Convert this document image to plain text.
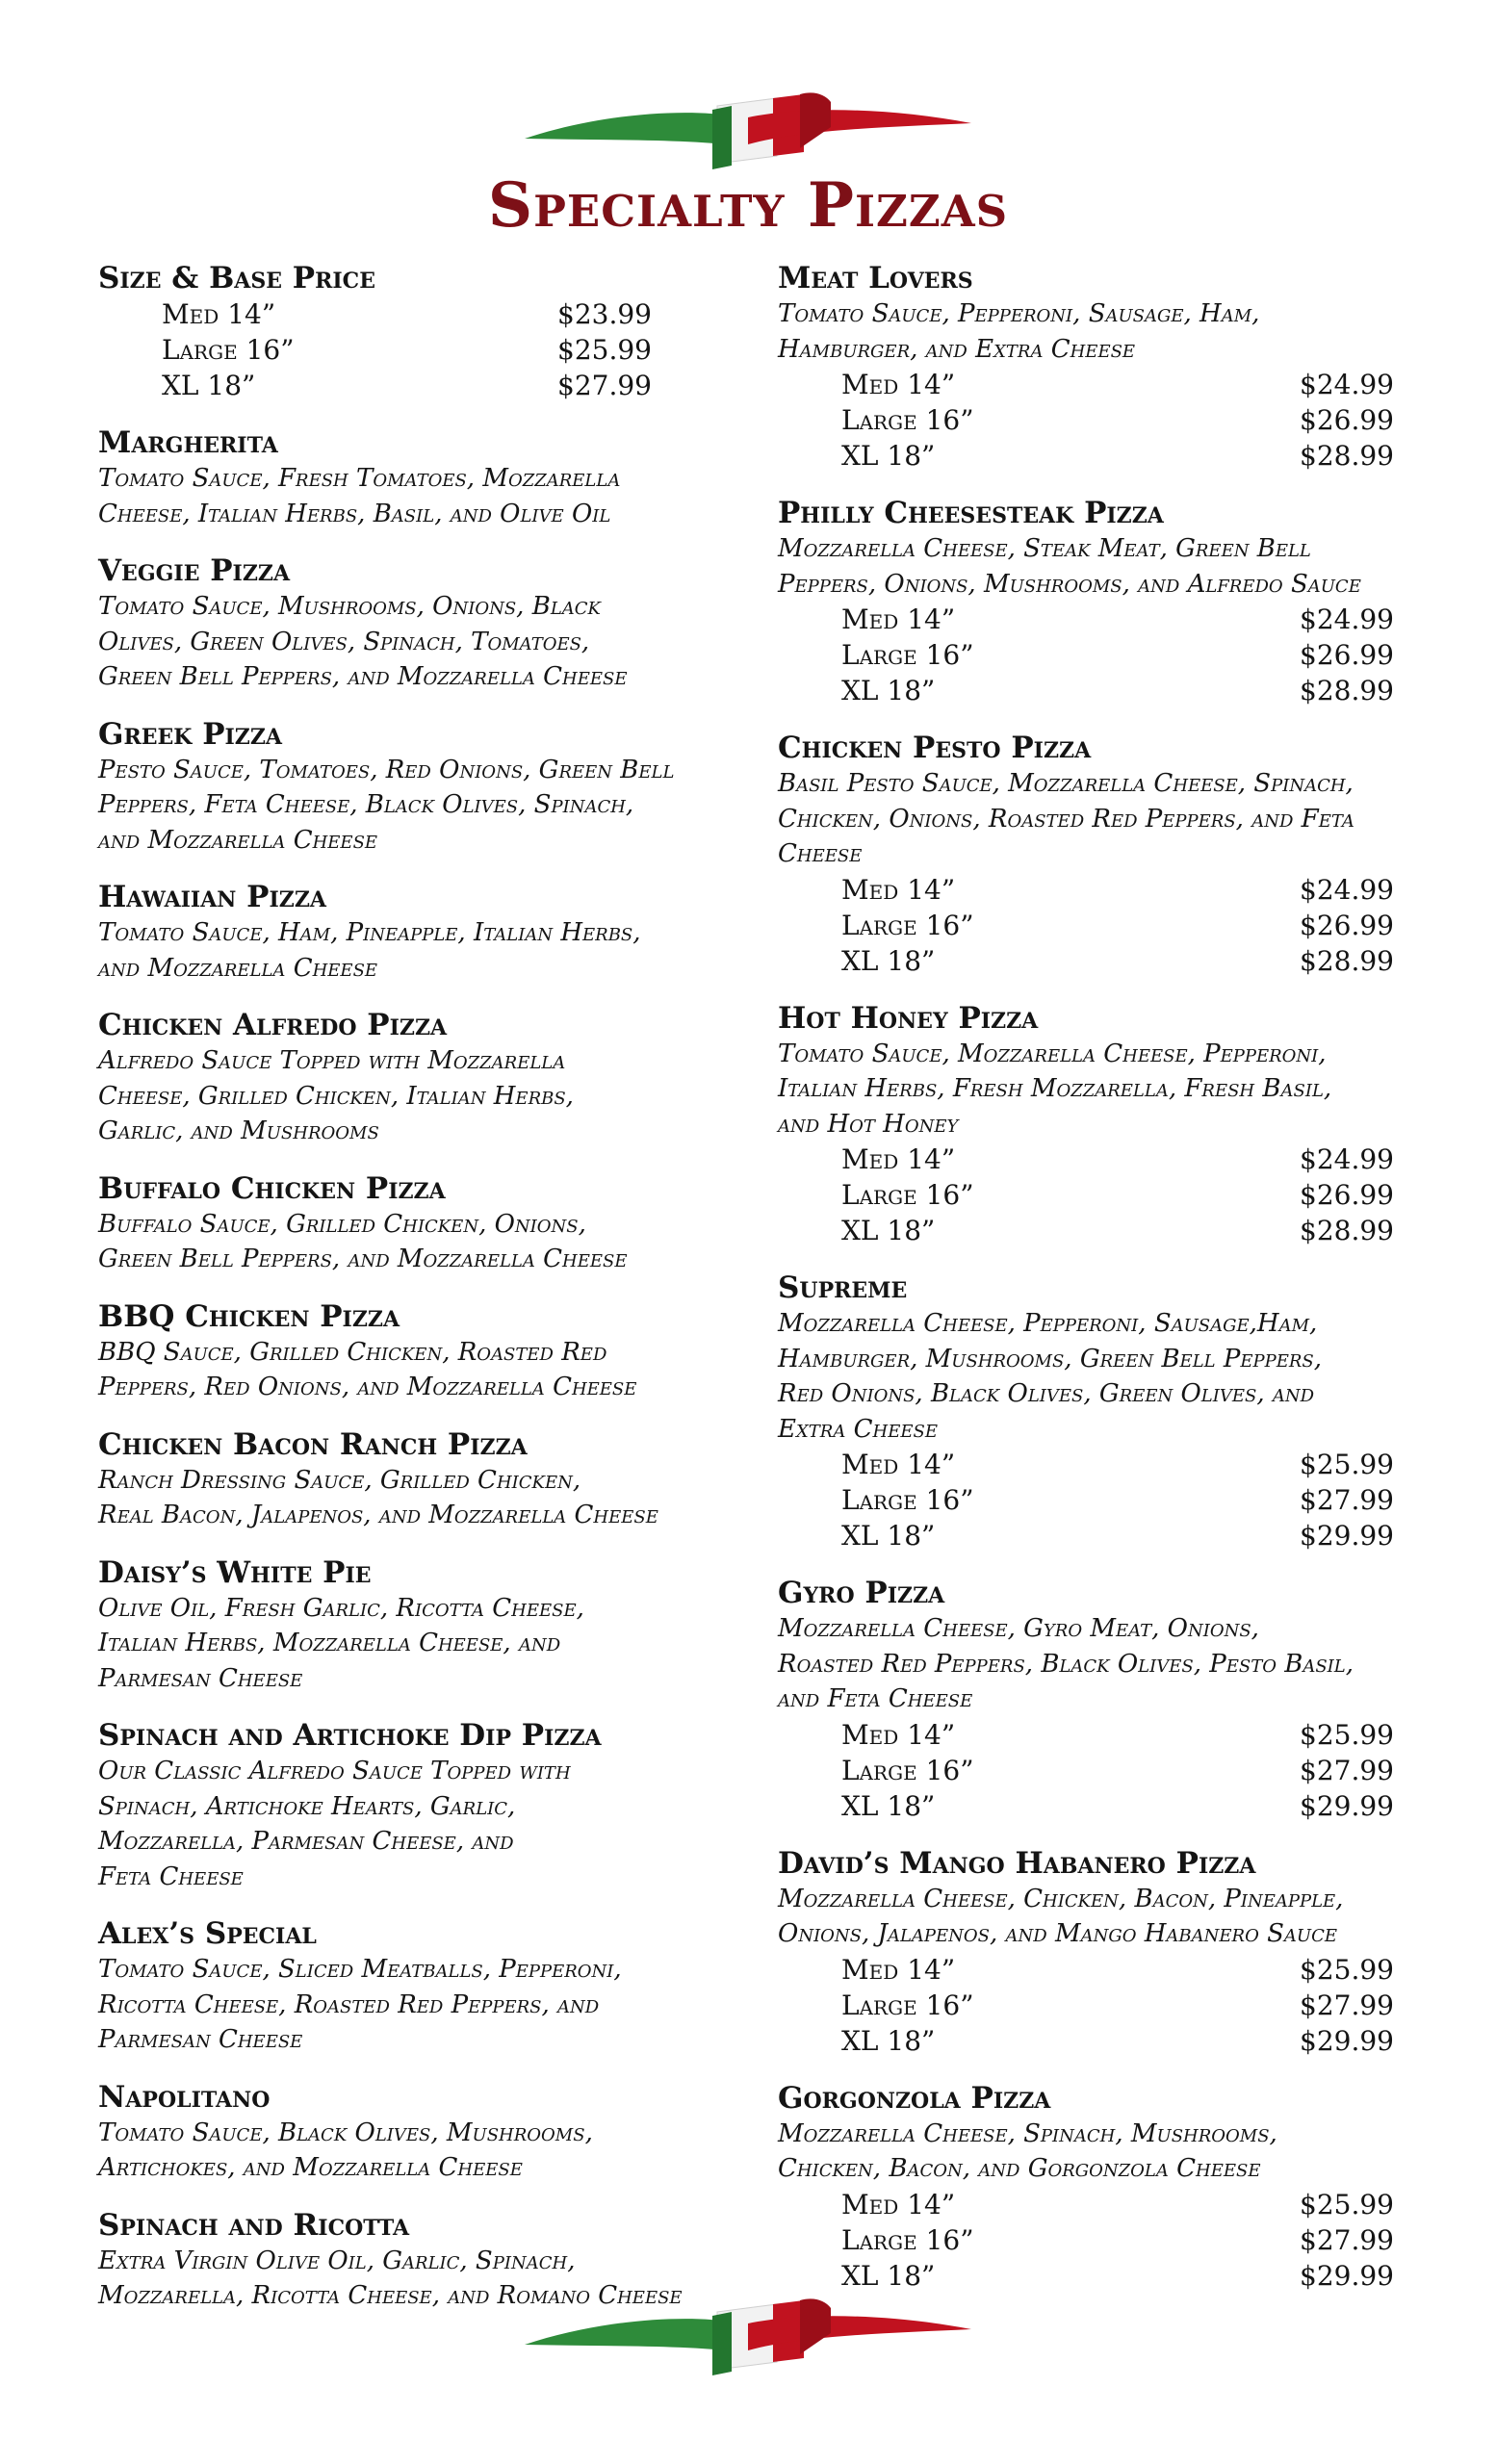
Specialty Pizzas
Size & Base Price
Med 14”	$23.99
Large 16”	$25.99
XL 18”	$27.99
Margherita
Tomato Sauce, Fresh Tomatoes, Mozzarella
Cheese, Italian Herbs, Basil, and Olive Oil
Veggie Pizza
Tomato Sauce, Mushrooms, Onions, Black
Olives, Green Olives, Spinach, Tomatoes,
Green Bell Peppers, and Mozzarella Cheese
Greek Pizza
Pesto Sauce, Tomatoes, Red Onions, Green Bell
Peppers, Feta Cheese, Black Olives, Spinach,
and Mozzarella Cheese
Hawaiian Pizza
Tomato Sauce, Ham, Pineapple, Italian Herbs,
and Mozzarella Cheese
Chicken Alfredo Pizza
Alfredo Sauce Topped with Mozzarella
Cheese, Grilled Chicken, Italian Herbs,
Garlic, and Mushrooms
Buffalo Chicken Pizza
Buffalo Sauce, Grilled Chicken, Onions,
Green Bell Peppers, and Mozzarella Cheese
BBQ Chicken Pizza
BBQ Sauce, Grilled Chicken, Roasted Red
Peppers, Red Onions, and Mozzarella Cheese
Chicken Bacon Ranch Pizza
Ranch Dressing Sauce, Grilled Chicken,
Real Bacon, Jalapenos, and Mozzarella Cheese
Daisy’s White Pie
Olive Oil, Fresh Garlic, Ricotta Cheese,
Italian Herbs, Mozzarella Cheese, and
Parmesan Cheese
Spinach and Artichoke Dip Pizza
Our Classic Alfredo Sauce Topped with
Spinach, Artichoke Hearts, Garlic,
Mozzarella, Parmesan Cheese, and
Feta Cheese
Alex’s Special
Tomato Sauce, Sliced Meatballs, Pepperoni,
Ricotta Cheese, Roasted Red Peppers, and
Parmesan Cheese
Napolitano
Tomato Sauce, Black Olives, Mushrooms,
Artichokes, and Mozzarella Cheese
Spinach and Ricotta
Extra Virgin Olive Oil, Garlic, Spinach,
Mozzarella, Ricotta Cheese, and Romano Cheese
Meat Lovers
Tomato Sauce, Pepperoni, Sausage, Ham,
Hamburger, and Extra Cheese
Med 14”	$24.99
Large 16”	$26.99
XL 18”	$28.99
Philly Cheesesteak Pizza
Mozzarella Cheese, Steak Meat, Green Bell
Peppers, Onions, Mushrooms, and Alfredo Sauce
Med 14”	$24.99
Large 16”	$26.99
XL 18”	$28.99
Chicken Pesto Pizza
Basil Pesto Sauce, Mozzarella Cheese, Spinach,
Chicken, Onions, Roasted Red Peppers, and Feta
Cheese
Med 14”	$24.99
Large 16”	$26.99
XL 18”	$28.99
Hot Honey Pizza
Tomato Sauce, Mozzarella Cheese, Pepperoni,
Italian Herbs, Fresh Mozzarella, Fresh Basil,
and Hot Honey
Med 14”	$24.99
Large 16”	$26.99
XL 18”	$28.99
Supreme
Mozzarella Cheese, Pepperoni, Sausage,Ham,
Hamburger, Mushrooms, Green Bell Peppers,
Red Onions, Black Olives, Green Olives, and
Extra Cheese
Med 14”	$25.99
Large 16”	$27.99
XL 18”	$29.99
Gyro Pizza
Mozzarella Cheese, Gyro Meat, Onions,
Roasted Red Peppers, Black Olives, Pesto Basil,
and Feta Cheese
Med 14”	$25.99
Large 16”	$27.99
XL 18”	$29.99
David’s Mango Habanero Pizza
Mozzarella Cheese, Chicken, Bacon, Pineapple,
Onions, Jalapenos, and Mango Habanero Sauce
Med 14”	$25.99
Large 16”	$27.99
XL 18”	$29.99
Gorgonzola Pizza
Mozzarella Cheese, Spinach, Mushrooms,
Chicken, Bacon, and Gorgonzola Cheese
Med 14”	$25.99
Large 16”	$27.99
XL 18”	$29.99
